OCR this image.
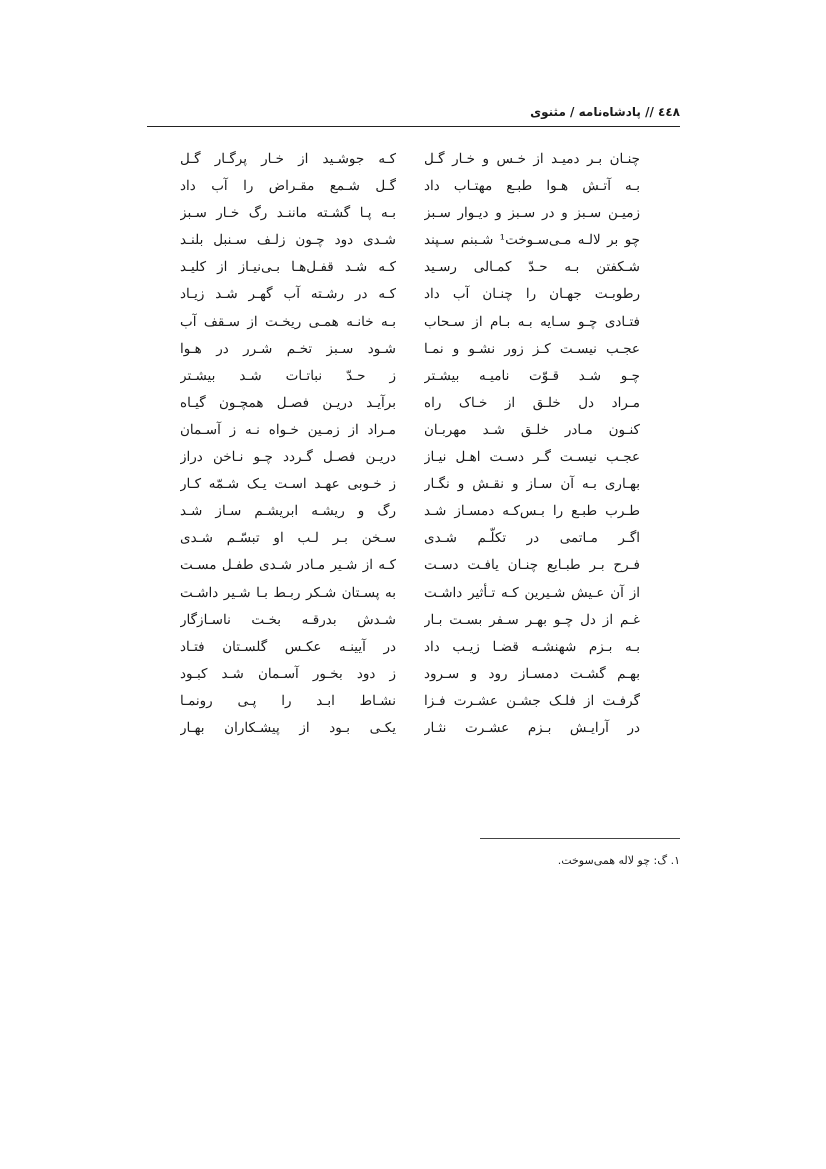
٤٤٨ // پادشاه‌نامه / مثنوی
چنـان بـر دمیـد از خـس و خـار گـل
کـه جوشـید از خـار پرگـار گـل
بـه آتـش هـوا طبـع مهتـاب داد
گـل شـمع مقـراض را آب داد
زمیـن سـبز و در سـبز و دیـوار سـبز
بـه پـا گشـته ماننـد رگ خـار سـبز
چو بر لالـه مـی‌سـوخت¹ شـبنم سـپند
شـدی دود چـون زلـف سـنبل بلنـد
شـکفتن بـه حـدّ کمـالی رسـید
کـه شـد قفـل‌هـا بـی‌نیـاز از کلیـد
رطوبـت جهـان را چنـان آب داد
کـه در رشـته آب گهـر شـد زیـاد
فتـادی چـو سـایه بـه بـام از سـحاب
بـه خانـه همـی ریخـت از سـقف آب
عجـب نیسـت کـز زور نشـو و نمـا
شـود سـبز تخـم شـرر در هـوا
چـو شـد قـوّت نامیـه بیشـتر
ز حـدّ نباتـات شـد بیشـتر
مـراد دل خلـق از خـاک راه
برآیـد دریـن فصـل همچـون گیـاه
کنـون مـادر خلـق شـد مهربـان
مـراد از زمـین خـواه نـه ز آسـمان
عجـب نیسـت گـر دسـت اهـل نیـاز
دریـن فصـل گـردد چـو نـاخن دراز
بهـاری بـه آن سـاز و نقـش و نگـار
ز خـوبی عهـد اسـت یـک شـمّه کـار
طـرب طبـع را بـس‌کـه دمسـاز شـد
رگ و ریشـه ابریشـم سـاز شـد
اگـر مـاتمی در تکلّـم شـدی
سـخن بـر لـب او تبسّـم شـدی
فـرح بـر طبـایع چنـان یافـت دسـت
کـه از شـیر مـادر شـدی طفـل مسـت
از آن عـیش شـیرین کـه تـأثیر داشـت
به پسـتان شـکر ربـط بـا شـیر داشـت
غـم از دل چـو بهـر سـفر بسـت بـار
شـدش بدرقـه بخـت ناسـازگار
بـه بـزم شهنشـه قضـا زیـب داد
در آیینـه عکـس گلسـتان فتـاد
بهـم گشـت دمسـاز رود و سـرود
ز دود بخـور آسـمان شـد کبـود
گرفـت از فلـک جشـن عشـرت فـزا
نشـاط ابـد را پـی رونمـا
در آرایـش بـزم عشـرت نثـار
یکـی بـود از پیشـکاران بهـار
۱. گ: چو لاله همی‌سوخت.
